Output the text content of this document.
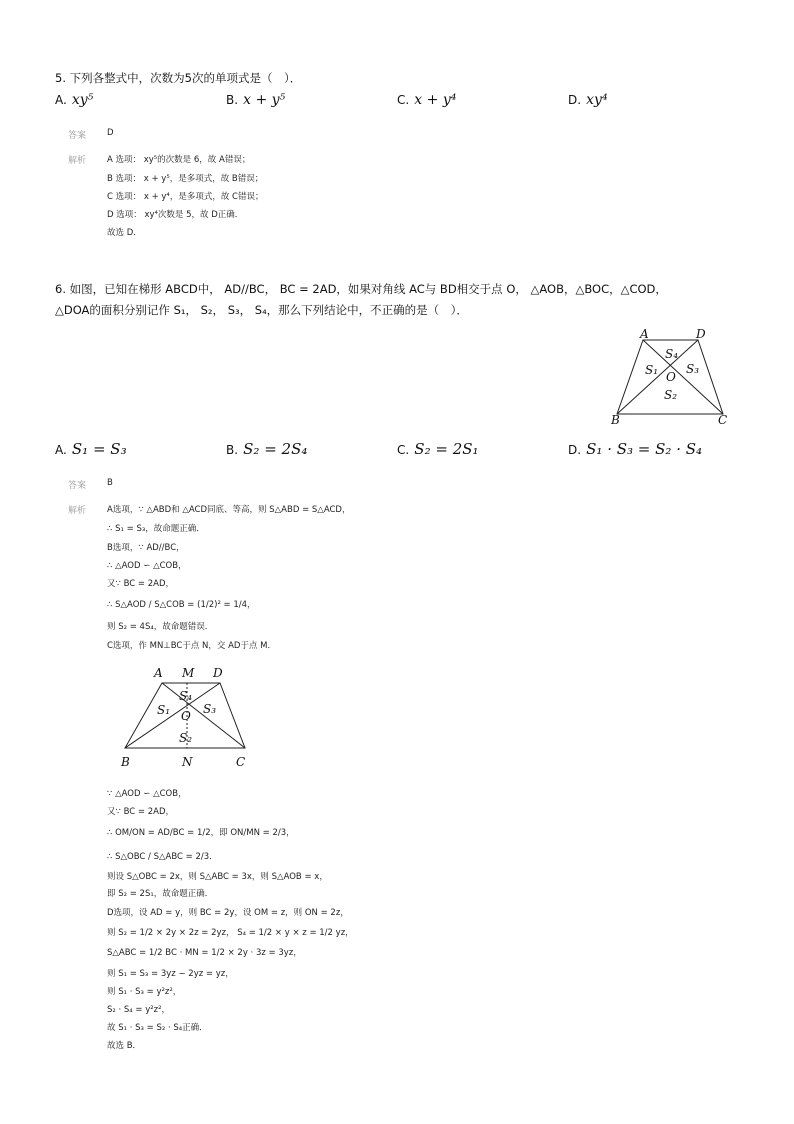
5. 下列各整式中，次数为5次的单项式是（　）．
A. xy⁵	B. x + y⁵	C. x + y⁴	D. xy⁴
答案 D
解析 A 选项： xy⁵的次数是 6，故 A错误；
B 选项： x + y⁵，是多项式，故 B错误；
C 选项： x + y⁴，是多项式，故 C错误；
D 选项： xy⁴次数是 5，故 D正确．
故选 D．
6. 如图，已知在梯形 ABCD中， AD//BC， BC = 2AD，如果对角线 AC与 BD相交于点 O， △AOB，△BOC，△COD，
△DOA的面积分别记作 S₁， S₂， S₃， S₄，那么下列结论中，不正确的是（　）．
A	D
B	C
O
S₁
S₂
S₃
S₄
A. S₁ = S₃	B. S₂ = 2S₄	C. S₂ = 2S₁	D. S₁ · S₃ = S₂ · S₄
答案 B
解析 A选项，∵ △ABD和 △ACD同底、等高，则 S△ABD = S△ACD，
∴ S₁ = S₃，故命题正确．
B选项，∵ AD//BC，
∴ △AOD ∽ △COB，
又∵ BC = 2AD，
∴ S△AOD / S△COB = (1/2)² = 1/4，
则 S₂ = 4S₄，故命题错误．
C选项，作 MN⊥BC于点 N，交 AD于点 M．
A M D
B	N	C
O
S₁
S₂
S₃
S₄
∵ △AOD ∽ △COB，
又∵ BC = 2AD，
∴ OM/ON = AD/BC = 1/2，即 ON/MN = 2/3，
∴ S△OBC / S△ABC = 2/3．
则设 S△OBC = 2x，则 S△ABC = 3x，则 S△AOB = x，
即 S₂ = 2S₁，故命题正确．
D选项，设 AD = y，则 BC = 2y，设 OM = z，则 ON = 2z，
则 S₂ = 1/2 × 2y × 2z = 2yz， S₄ = 1/2 × y × z = 1/2 yz，
S△ABC = 1/2 BC · MN = 1/2 × 2y · 3z = 3yz，
则 S₁ = S₃ = 3yz − 2yz = yz，
则 S₁ · S₃ = y²z²，
S₂ · S₄ = y²z²，
故 S₁ · S₃ = S₂ · S₄正确．
故选 B．
